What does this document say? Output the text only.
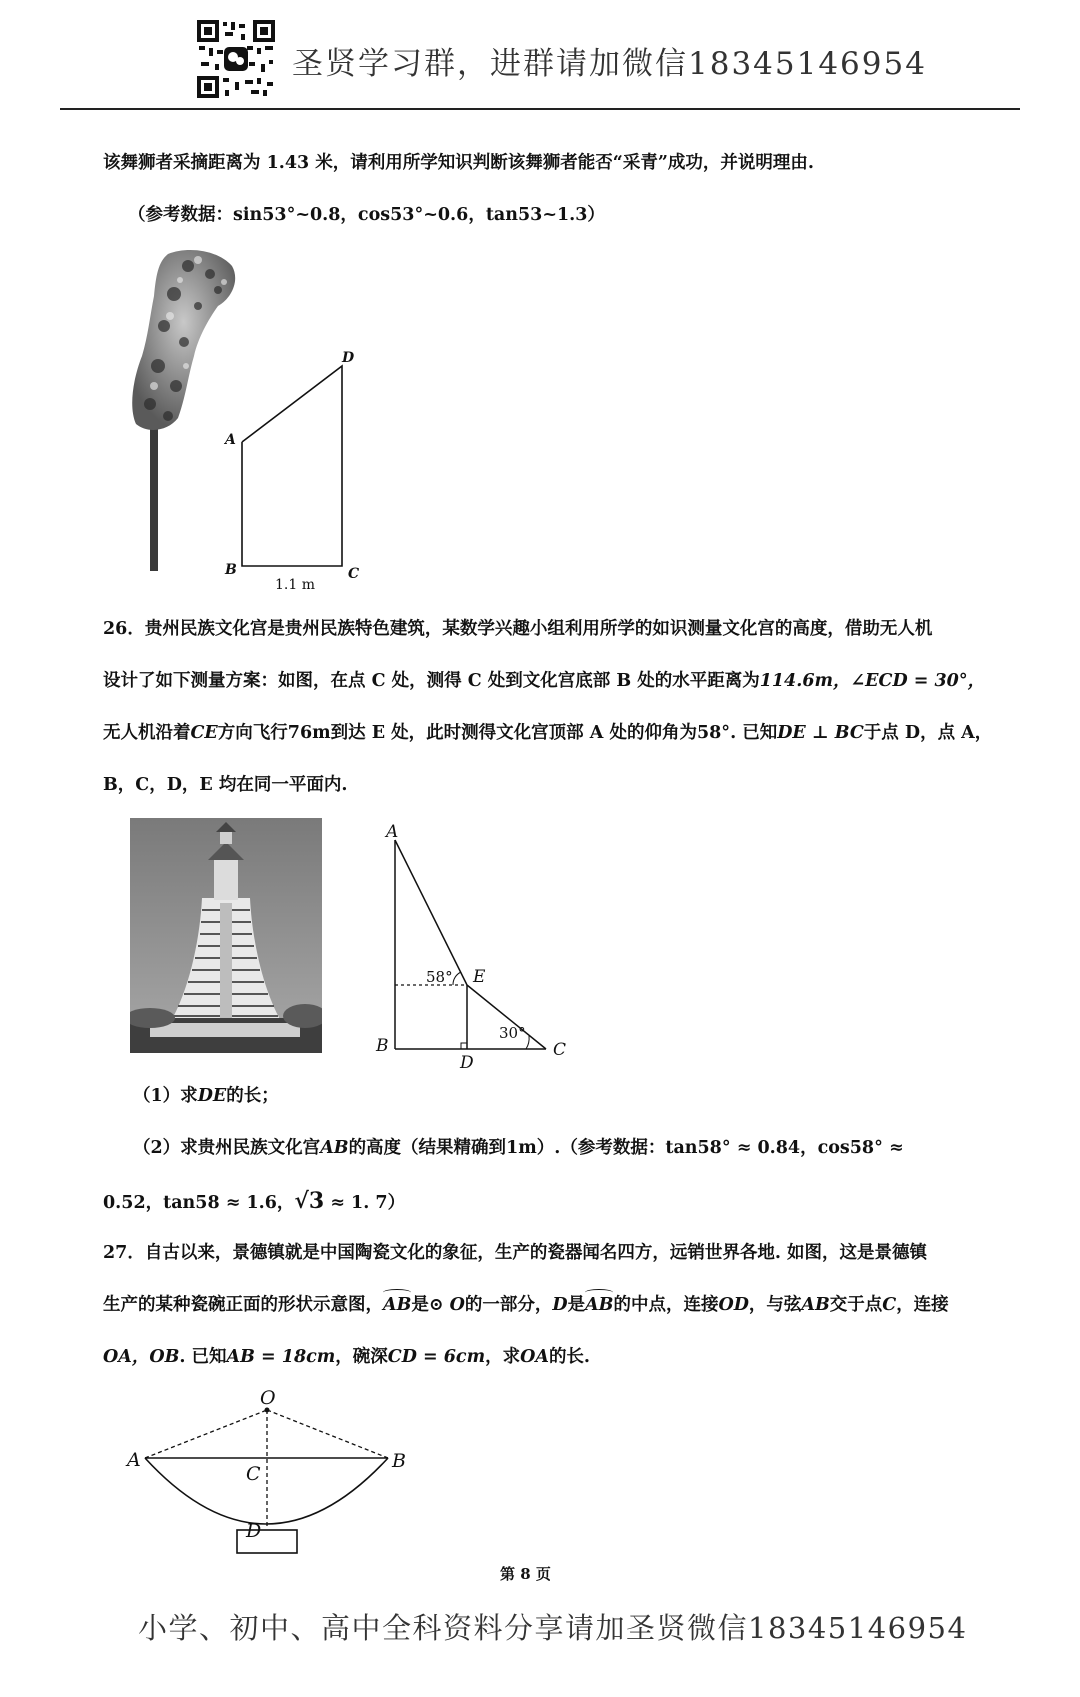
圣贤学习群，进群请加微信18345146954
该舞狮者采摘距离为 1.43 米，请利用所学知识判断该舞狮者能否“采青”成功，并说明理由.
（参考数据：sin53°~0.8，cos53°~0.6，tan53~1.3）
D
A
B	C
1.1 m
26．贵州民族文化宫是贵州民族特色建筑，某数学兴趣小组利用所学的如识测量文化宫的高度，借助无人机
设计了如下测量方案：如图，在点 C 处，测得 C 处到文化宫底部 B 处的水平距离为114.6m，∠ECD = 30°，
无人机沿着CE方向飞行76m到达 E 处，此时测得文化宫顶部 A 处的仰角为58°. 已知DE ⊥ BC于点 D，点 A，
B，C，D，E 均在同一平面内.
A
B
D
C
E
58°
30°
（1）求DE的长；
（2）求贵州民族文化宫AB的高度（结果精确到1m）.（参考数据：tan58° ≈ 0.84，cos58° ≈
0.52，tan58 ≈ 1.6，√3 ≈ 1. 7）
27．自古以来，景德镇就是中国陶瓷文化的象征，生产的瓷器闻名四方，远销世界各地. 如图，这是景德镇
生产的某种瓷碗正面的形状示意图，AB
是⊙ O的一部分，D是AB
的中点，连接OD，与弦AB交于点C，连接
OA，OB. 已知AB = 18cm，碗深CD = 6cm，求OA的长.
O
A	B
C
D
第 8 页
小学、初中、高中全科资料分享请加圣贤微信18345146954
